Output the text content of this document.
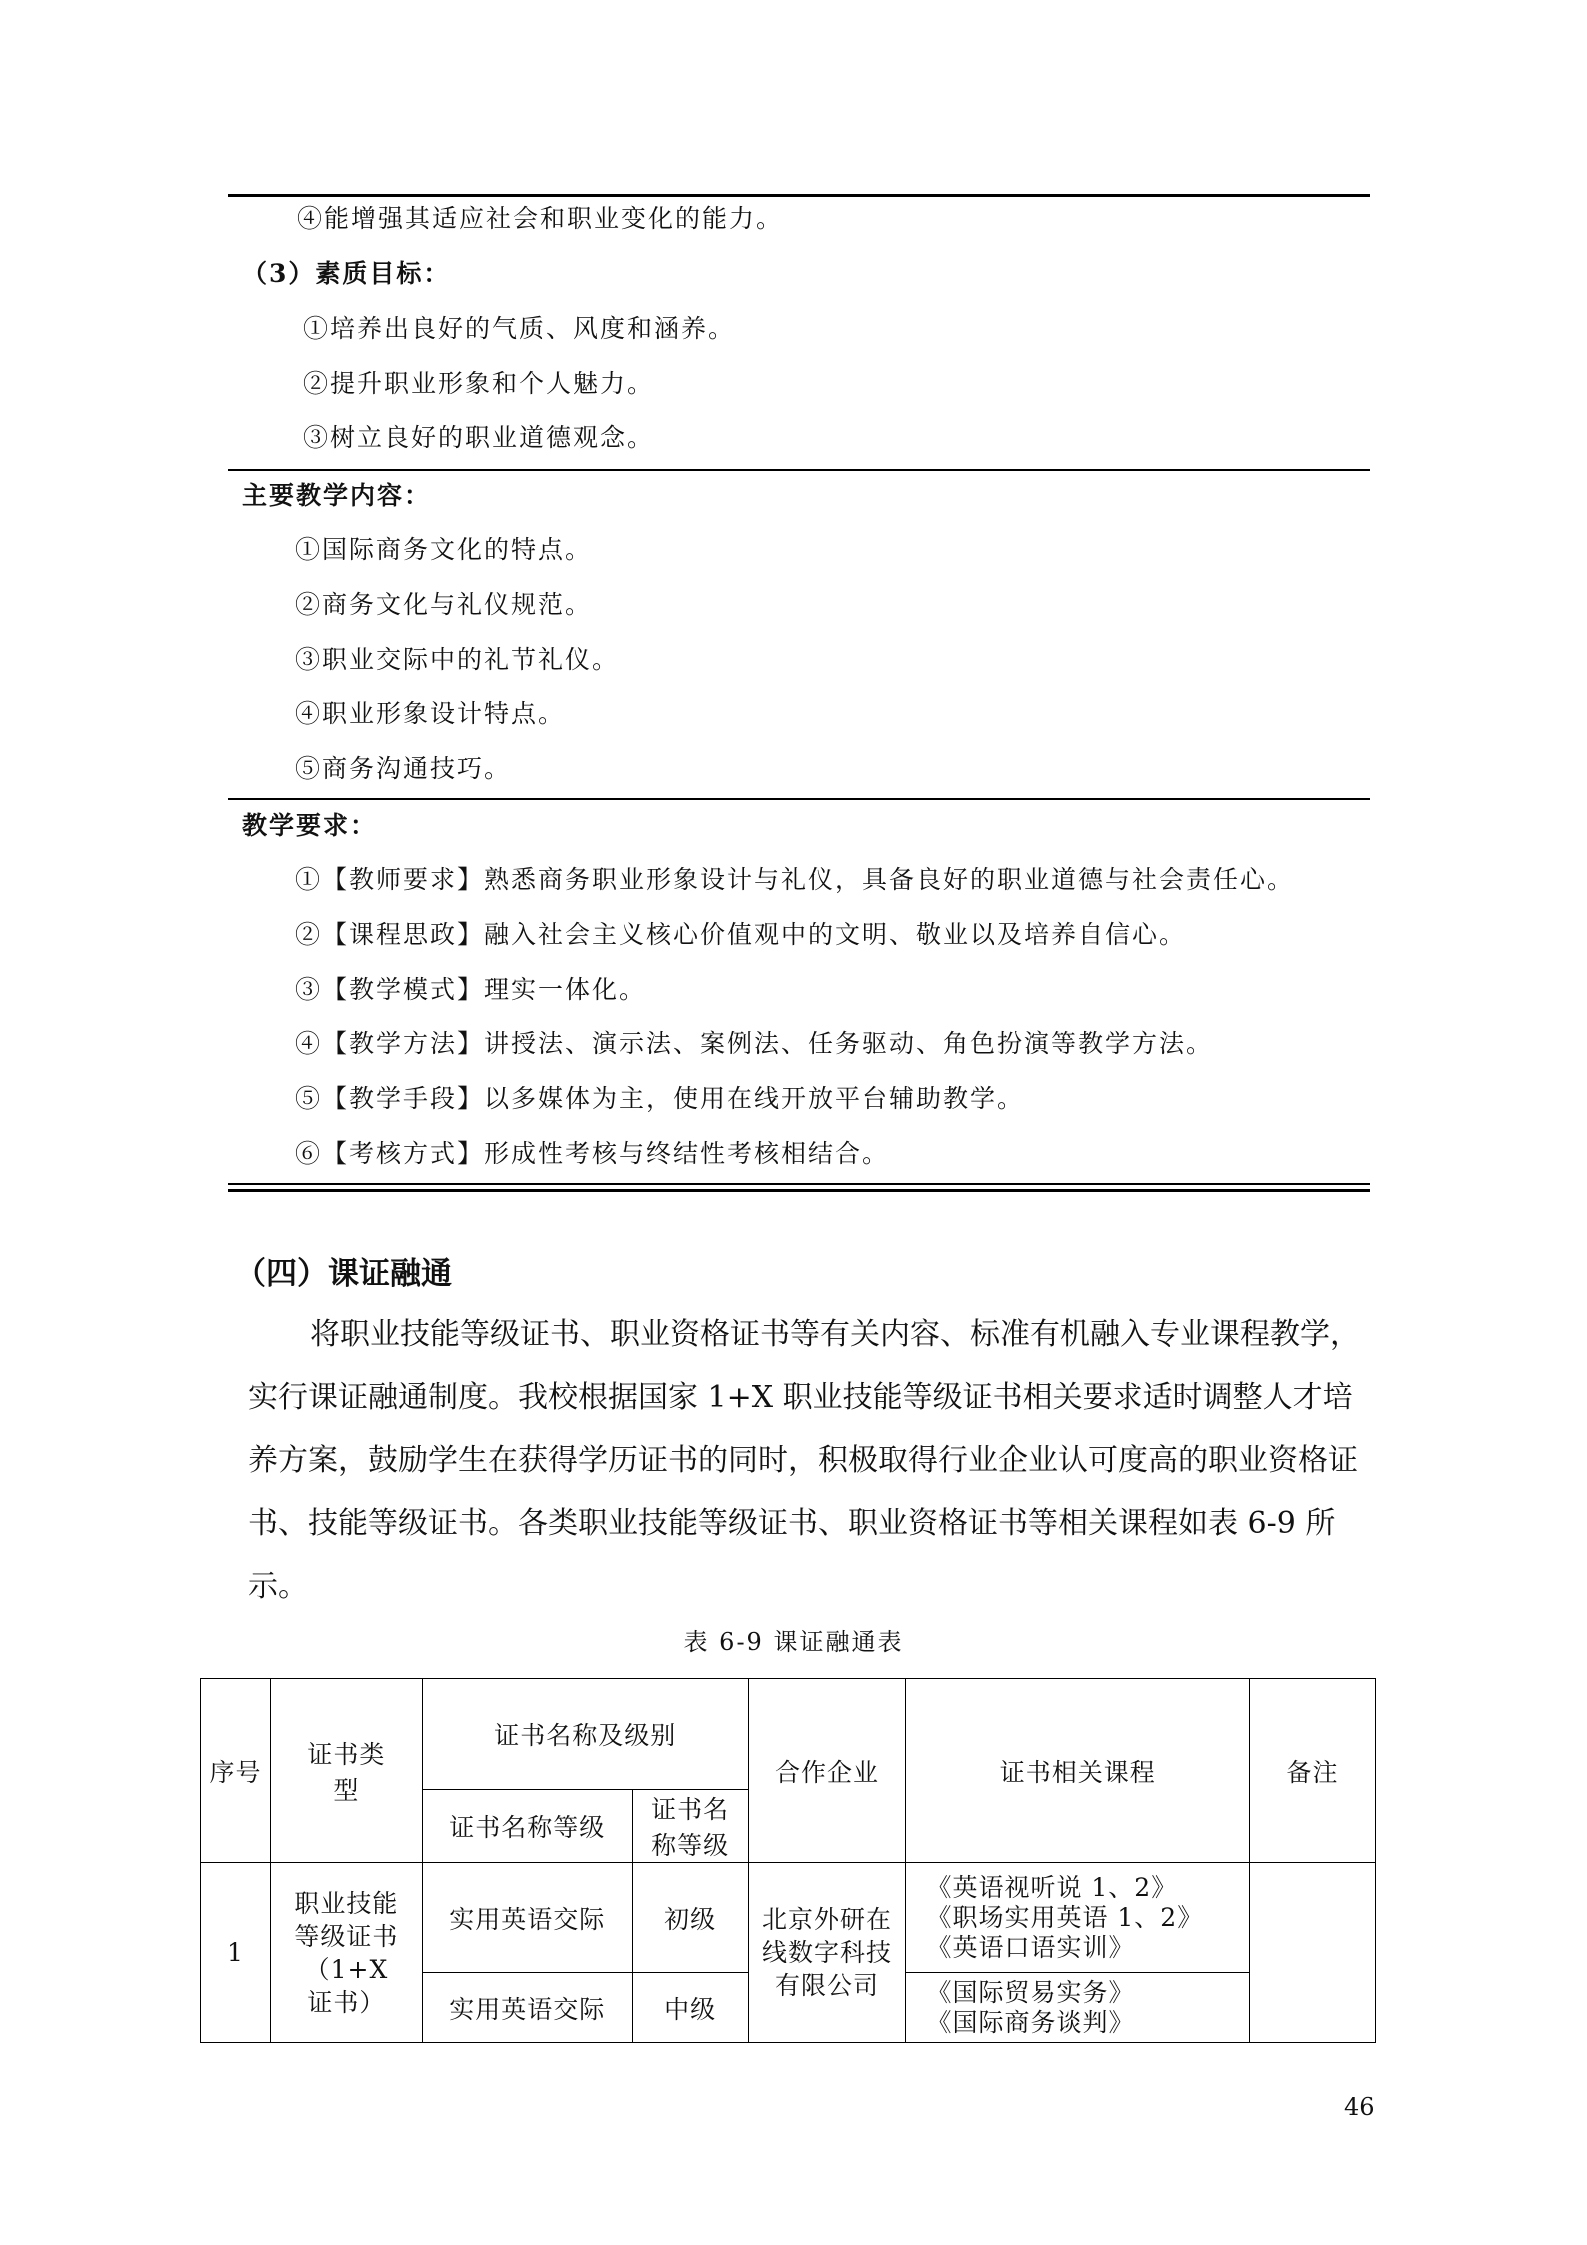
④能增强其适应社会和职业变化的能力。
（3）素质目标：
①培养出良好的气质、风度和涵养。
②提升职业形象和个人魅力。
③树立良好的职业道德观念。
主要教学内容：
①国际商务文化的特点。
②商务文化与礼仪规范。
③职业交际中的礼节礼仪。
④职业形象设计特点。
⑤商务沟通技巧。
教学要求：
①【教师要求】熟悉商务职业形象设计与礼仪，具备良好的职业道德与社会责任心。
②【课程思政】融入社会主义核心价值观中的文明、敬业以及培养自信心。
③【教学模式】理实一体化。
④【教学方法】讲授法、演示法、案例法、任务驱动、角色扮演等教学方法。
⑤【教学手段】以多媒体为主，使用在线开放平台辅助教学。
⑥【考核方式】形成性考核与终结性考核相结合。
（四）课证融通

将职业技能等级证书、职业资格证书等有关内容、标准有机融入专业课程教学，实行课证融通制度。我校根据国家 1+X 职业技能等级证书相关要求适时调整人才培养方案，鼓励学生在获得学历证书的同时，积极取得行业企业认可度高的职业资格证书、技能等级证书。各类职业技能等级证书、职业资格证书等相关课程如表 6-9 所示。

表 6-9 课证融通表
序号	证书类型	证书名称及级别		合作企业	证书相关课程	备注
		证书名称等级	证书名称等级			
1	职业技能等级证书（1+X 证书）	实用英语交际	初级	北京外研在线数字科技有限公司	《英语视听说 1、2》
《职场实用英语 1、2》
《英语口语实训》	

		实用英语交际	中级		《国际贸易实务》
《国际商务谈判》	
46
